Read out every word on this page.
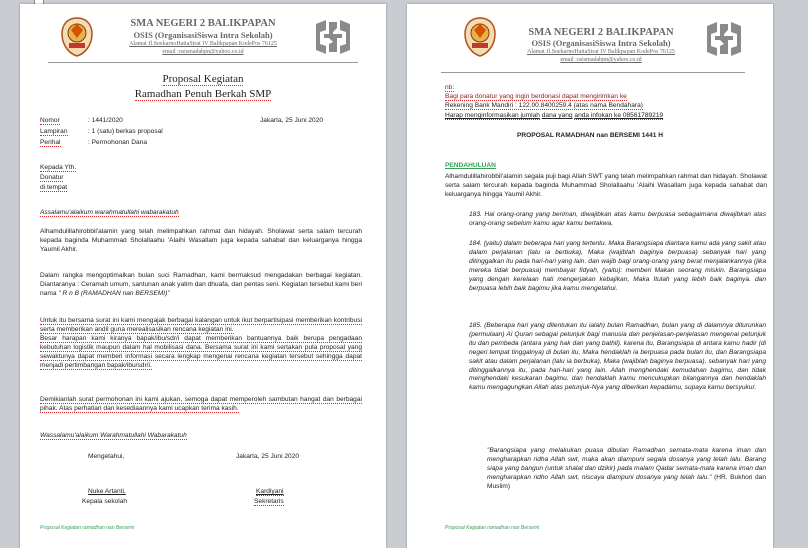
SMA NEGERI 2 BALIKPAPAN
OSIS (OrganisasiSiswa Intra Sekolah)
Alamat Jl.SoekarnoHattaStrat IV Balikpapan KodePos 76125
email :osismadabpn@yahoo.co.id
Proposal Kegiatan
Ramadhan Penuh Berkah SMP
Nomor	: 1441/2020	Jakarta, 25 Juni 2020
Lampiran	: 1 (satu) berkas proposal
Perihal	: Permohonan Dana
Kepada Yth.
Donatur
di tempat
Assalamu'alaikum warahmatullahi wabarakatuh
Alhamdulillahirobbil'alamin yang telah melimpahkan rahmat dan hidayah. Sholawat serta salam tercurah kepada baginda Muhammad Sholallaahu 'Alaihi Wasallam juga kepada sahabat dan keluarganya hingga Yaumil Akhir.
Dalam rangka mengoptimalkan bulan suci Ramadhan, kami bermaksud mengadakan berbagai kegiatan. Diantaranya : Ceramah umum, santunan anak yatim dan dhuafa, dan pentas seni. Kegiatan tersebut kami beri nama " R n B (RAMADHAN nan BERSEMI)"
Untuk itu bersama surat ini kami mengajak berbagai kalangan untuk ikut berpartisipasi memberikan kontribusi serta memberikan andil guna merealisasikan rencana kegiatan ini.
Besar harapan kami kiranya bapak/ibu/sdr/i dapat memberikan bantuannya baik berupa pengadaan kebutuhan logistik maupun dalam hal mobilisasi dana. Bersama surat ini kami sertakan pula proposal yang sewaktunya dapat memberi informasi secara lengkap mengenai rencana kegiatan tersebut sehingga dapat menjadi pertimbangan bapak/ibu/sdr/i.
Demikianlah surat permohonan ini kami ajukan, semoga dapat memperoleh sambutan hangat dan berbagai pihak. Atas perhatian dan kesediaannya kami ucapkan terima kasih.
Wassalamu'alaikum Warahmatullahi Wabarakatuh
Mengetahui,	Jakarta, 25 Juni 2020
Nuke Artanti,
Kepala sekolah
Kardiyani
Sekretaris
Proposal Kegiatan ramadhan nan Bersemi
SMA NEGERI 2 BALIKPAPAN
OSIS (OrganisasiSiswa Intra Sekolah)
Alamat Jl.SoekarnoHattaStrat IV Balikpapan KodePos 76125
email :osismadabpn@yahoo.co.id
nb:
Bagi para donatur yang ingin berdonasi dapat mengirimkan ke
Rekening Bank Mandiri : 122.00.8400259.4 (atas nama Bendahara)
Harap menginformasikan jumlah dana yang anda infokan ke 08561789219
PROPOSAL RAMADHAN nan BERSEMI 1441 H
PENDAHULUAN
Alhamdulillahirobbil'alamin segala puji bagi Allah SWT yang telah melimpahkan rahmat dan hidayah. Sholawat serta salam tercurah kepada baginda Muhammad Sholallaahu 'Alaihi Wasallam juga kepada sahabat dan keluarganya hingga Yaumil Akhir.
183. Hai orang-orang yang beriman, diwajibkan atas kamu berpuasa sebagaimana diwajibkan atas orang-orang sebelum kamu agar kamu bertakwa,
184. (yaitu) dalam beberapa hari yang tertentu. Maka Barangsiapa diantara kamu ada yang sakit atau dalam perjalanan (lalu ia berbuka), Maka (wajiblah baginya berpuasa) sebanyak hari yang ditinggalkan itu pada hari-hari yang lain. dan wajib bagi orang-orang yang berat menjalankannya (jika mereka tidak berpuasa) membayar fidyah, (yaitu): memberi Makan seorang miskin. Barangsiapa yang dengan kerelaan hati mengerjakan kebajikan, Maka Itulah yang lebih baik baginya. dan berpuasa lebih baik bagimu jika kamu mengetahui.
185. (Beberapa hari yang ditentukan itu ialah) bulan Ramadhan, bulan yang di dalamnya diturunkan (permulaan) Al Quran sebagai petunjuk bagi manusia dan penjelasan-penjelasan mengenai petunjuk itu dan pembeda (antara yang hak dan yang bathil). karena itu, Barangsiapa di antara kamu hadir (di negeri tempat tinggalnya) di bulan itu, Maka hendaklah ia berpuasa pada bulan itu, dan Barangsiapa sakit atau dalam perjalanan (lalu ia berbuka), Maka (wajiblah baginya berpuasa), sebanyak hari yang ditinggalkannya itu, pada hari-hari yang lain. Allah menghendaki kemudahan bagimu, dan tidak menghendaki kesukaran bagimu. dan hendaklah kamu mencukupkan bilangannya dan hendaklah kamu mengagungkan Allah atas petunjuk-Nya yang diberikan kepadamu, supaya kamu bersyukur.
"Barangsiapa yang melakukan puasa dibulan Ramadhan semata-mata karena iman dan mengharapkan ridha Allah swt, maka akan diampuni segala dosanya yang telah lalu. Barang siapa yang bangun (untuk shalat dan dzikir) pada malam Qadar semata-mata karena iman dan mengharapkan ridho Allah swt, niscaya diampuni dosanya yang telah lalu." (HR. Bukhori dan Muslim)
Proposal Kegiatan ramadhan nan Bersemi
